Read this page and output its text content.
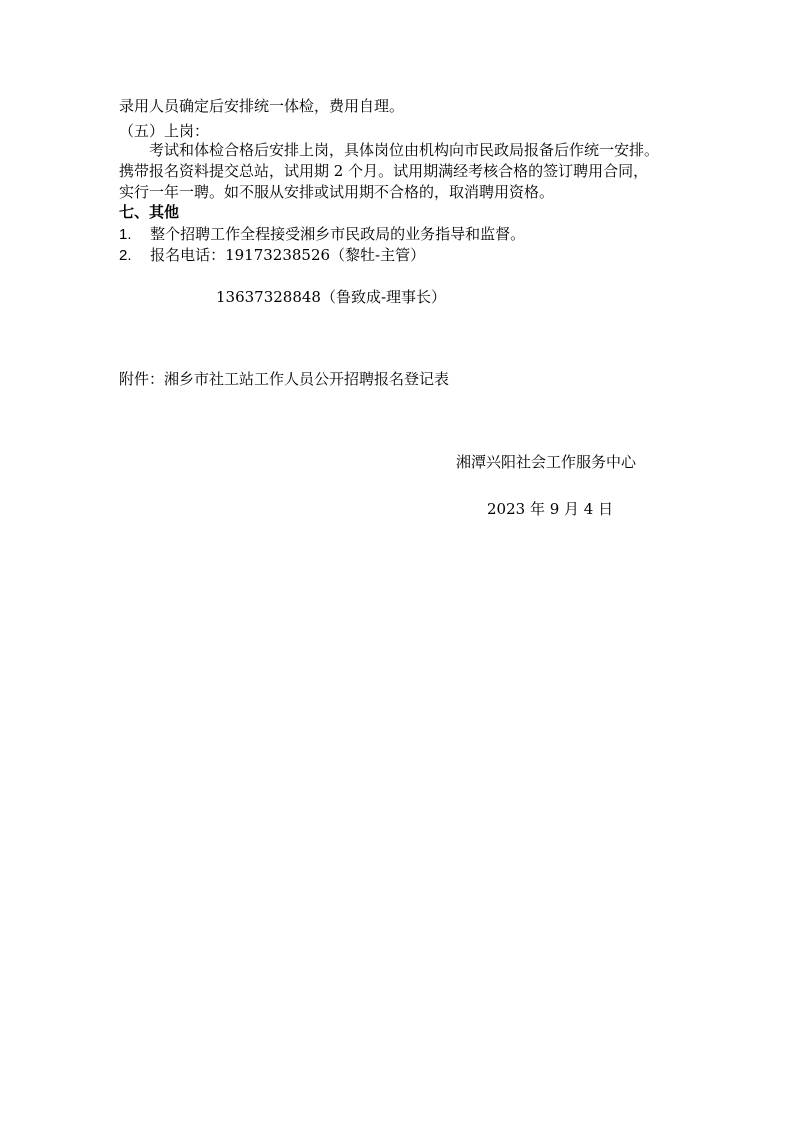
录用人员确定后安排统一体检，费用自理。
（五）上岗：
考试和体检合格后安排上岗，具体岗位由机构向市民政局报备后作统一安排。
携带报名资料提交总站，试用期 2 个月。试用期满经考核合格的签订聘用合同，
实行一年一聘。如不服从安排或试用期不合格的，取消聘用资格。
七、其他
1. 整个招聘工作全程接受湘乡市民政局的业务指导和监督。
2. 报名电话：19173238526（黎牡-主管）
13637328848（鲁致成-理事长）
附件：湘乡市社工站工作人员公开招聘报名登记表
湘潭兴阳社会工作服务中心
2023 年 9 月 4 日
